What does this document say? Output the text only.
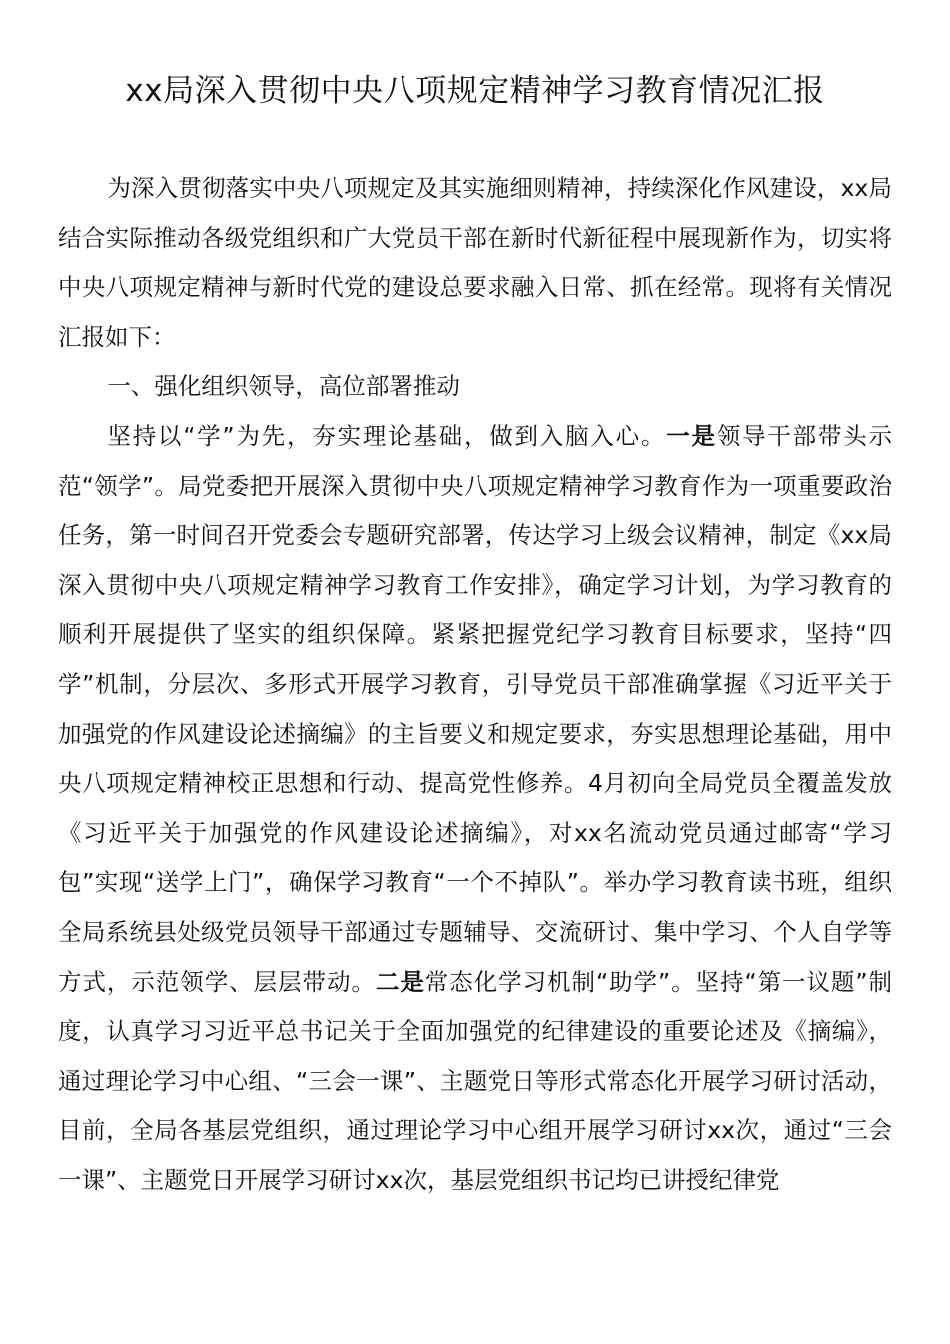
xx局深入贯彻中央八项规定精神学习教育情况汇报

为深入贯彻落实中央八项规定及其实施细则精神，持续深化作风建设，xx局结合实际推动各级党组织和广大党员干部在新时代新征程中展现新作为，切实将中央八项规定精神与新时代党的建设总要求融入日常、抓在经常。现将有关情况汇报如下：

一、强化组织领导，高位部署推动

坚持以“学”为先，夯实理论基础，做到入脑入心。一是领导干部带头示范“领学”。局党委把开展深入贯彻中央八项规定精神学习教育作为一项重要政治任务，第一时间召开党委会专题研究部署，传达学习上级会议精神，制定《xx局深入贯彻中央八项规定精神学习教育工作安排》，确定学习计划，为学习教育的顺利开展提供了坚实的组织保障。紧紧把握党纪学习教育目标要求，坚持“四学”机制，分层次、多形式开展学习教育，引导党员干部准确掌握《习近平关于加强党的作风建设论述摘编》的主旨要义和规定要求，夯实思想理论基础，用中央八项规定精神校正思想和行动、提高党性修养。4月初向全局党员全覆盖发放《习近平关于加强党的作风建设论述摘编》，对xx名流动党员通过邮寄“学习包”实现“送学上门”，确保学习教育“一个不掉队”。举办学习教育读书班，组织全局系统县处级党员领导干部通过专题辅导、交流研讨、集中学习、个人自学等方式，示范领学、层层带动。二是常态化学习机制“助学”。坚持“第一议题”制度，认真学习习近平总书记关于全面加强党的纪律建设的重要论述及《摘编》，通过理论学习中心组、“三会一课”、主题党日等形式常态化开展学习研讨活动，目前，全局各基层党组织，通过理论学习中心组开展学习研讨xx次，通过“三会一课”、主题党日开展学习研讨xx次，基层党组织书记均已讲授纪律党
